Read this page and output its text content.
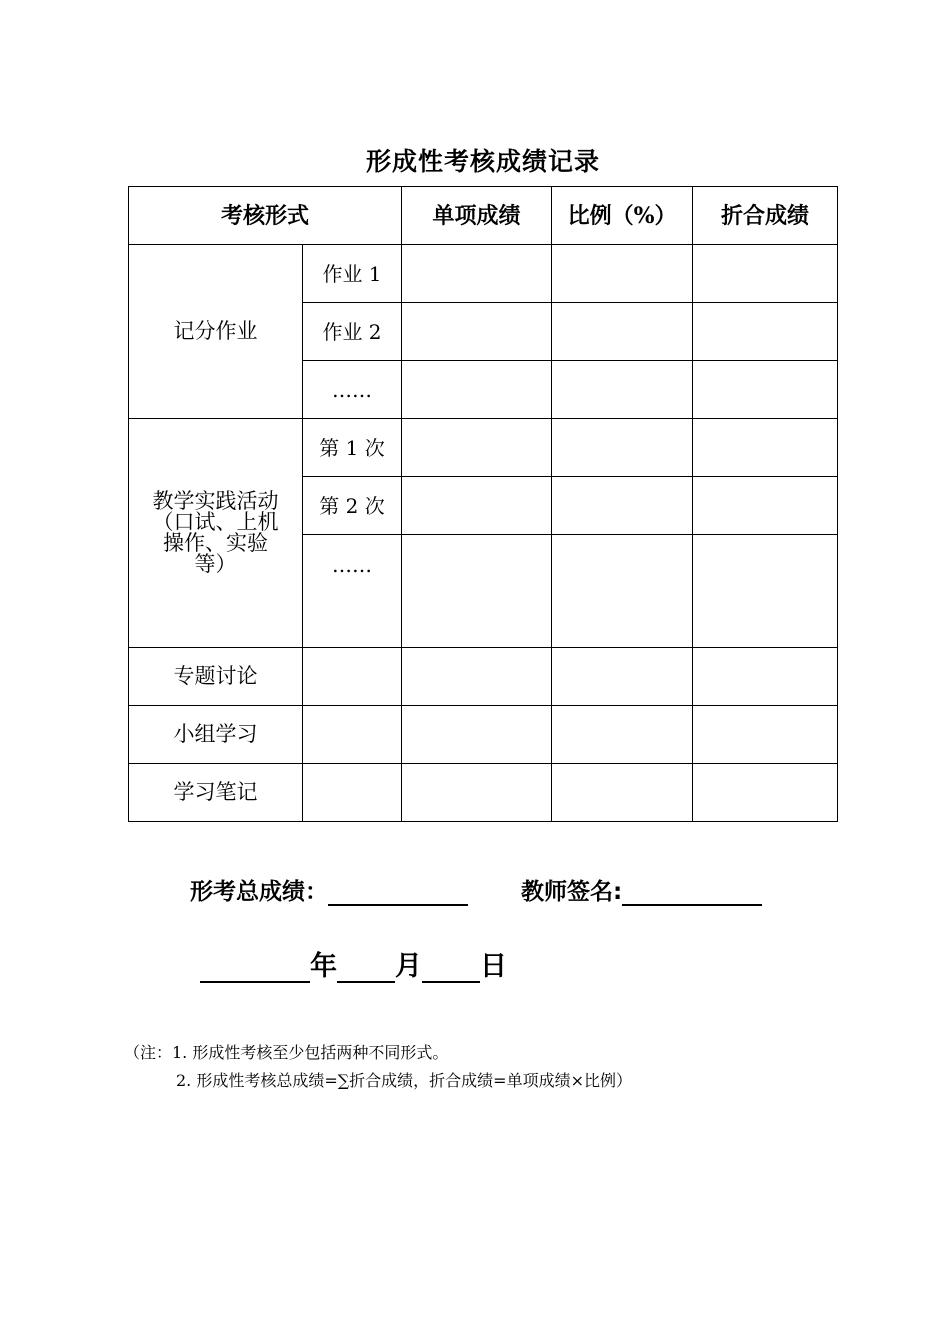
形成性考核成绩记录
考核形式		单项成绩	比例（%）	折合成绩
记分作业	作业 1			
	作业 2			
	……			

教学实践活动
（口试、上机
操作、实验
等）	第 1 次			
	第 2 次			
	……			
专题讨论				
小组学习				
学习笔记				
形考总成绩：	教师签名:
年 月 日
（注：1. 形成性考核至少包括两种不同形式。
2. 形成性考核总成绩=∑折合成绩，折合成绩=单项成绩×比例）
